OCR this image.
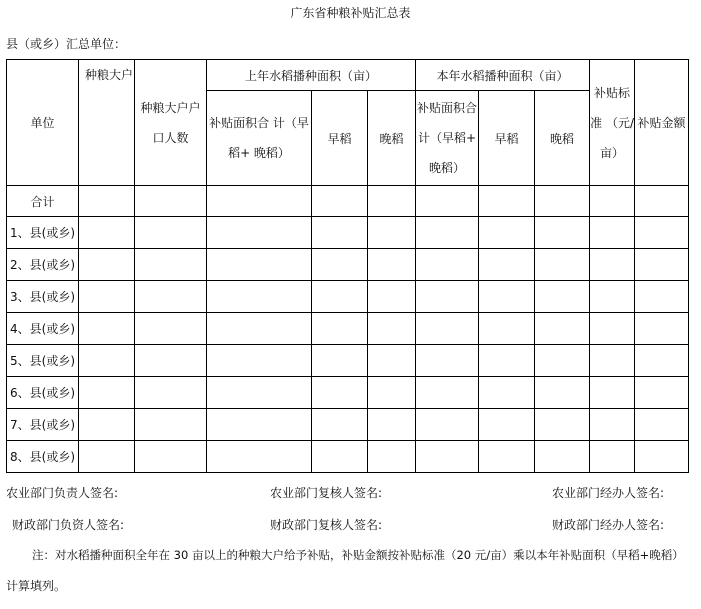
广东省种粮补贴汇总表
县（或乡）汇总单位：
单位	种粮大户	种粮大户户口人数	上年水稻播种面积（亩）			本年水稻播种面积（亩）			补贴标 准 （元/亩）	补贴金额
			补贴面积合 计（早稻+ 晚稻）	早稻	晚稻	补贴面积合 计（早稻+ 晚稻）	早稻	晚稻		
合计										
1、县(或乡)										
2、县(或乡)										
3、县(或乡)										
4、县(或乡)										
5、县(或乡)										
6、县(或乡)										
7、县(或乡)										
8、县(或乡)										
农业部门负责人签名:	农业部门复核人签名:	农业部门经办人签名:
财政部门负资人签名:	财政部门复核人签名:	财政部门经办人签名:
注：对水稻播种面积全年在 30 亩以上的种粮大户给予补贴，补贴金额按补贴标准（20 元/亩）乘以本年补贴面积（早稻+晚稻）
计算填列。
